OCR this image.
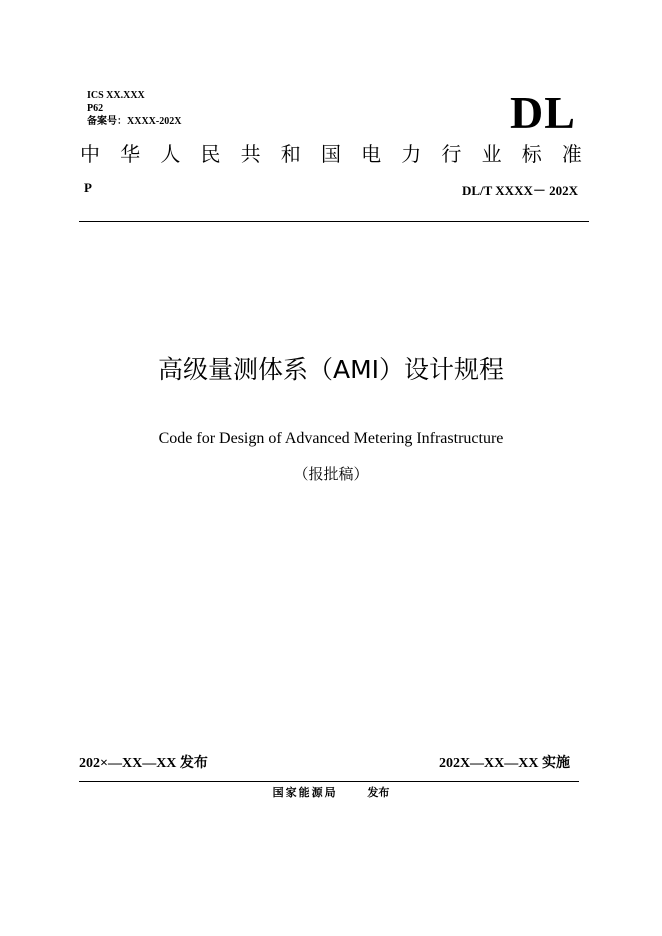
ICS XX.XXX
P62
备案号：XXXX-202X	DL
中 华 人 民 共 和 国 电 力 行 业 标 准
P	DL/T XXXX－ 202X
高级量测体系（AMI）设计规程
Code for Design of Advanced Metering Infrastructure
（报批稿）
202×—XX—XX 发布	202X—XX—XX 实施
国家能源局	发布
